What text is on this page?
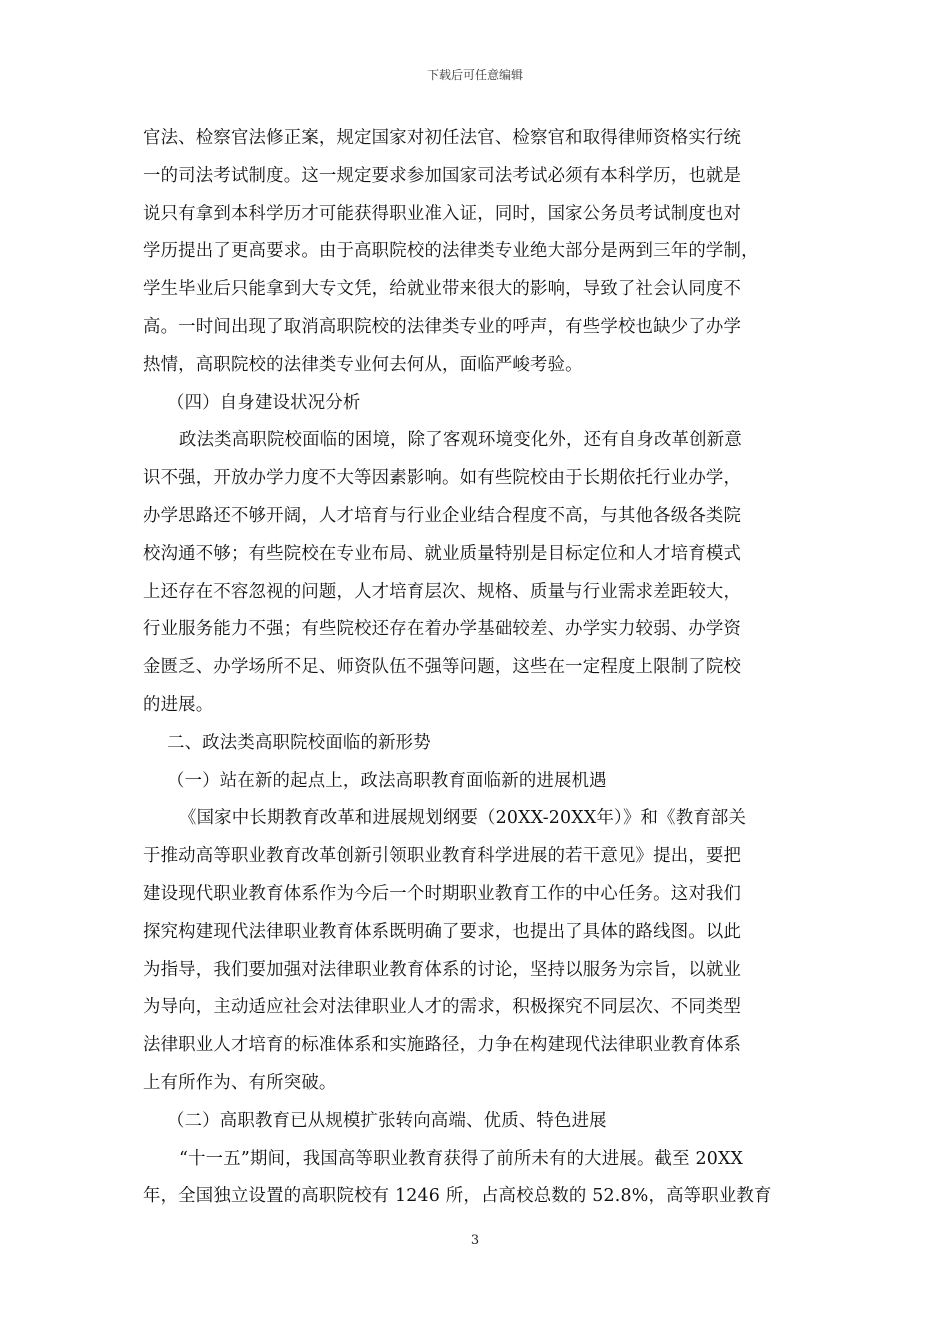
下载后可任意编辑
官法、检察官法修正案，规定国家对初任法官、检察官和取得律师资格实行统
一的司法考试制度。这一规定要求参加国家司法考试必须有本科学历，也就是
说只有拿到本科学历才可能获得职业准入证，同时，国家公务员考试制度也对
学历提出了更高要求。由于高职院校的法律类专业绝大部分是两到三年的学制，
学生毕业后只能拿到大专文凭，给就业带来很大的影响，导致了社会认同度不
高。一时间出现了取消高职院校的法律类专业的呼声，有些学校也缺少了办学
热情，高职院校的法律类专业何去何从，面临严峻考验。
（四）自身建设状况分析
政法类高职院校面临的困境，除了客观环境变化外，还有自身改革创新意
识不强，开放办学力度不大等因素影响。如有些院校由于长期依托行业办学，
办学思路还不够开阔，人才培育与行业企业结合程度不高，与其他各级各类院
校沟通不够；有些院校在专业布局、就业质量特别是目标定位和人才培育模式
上还存在不容忽视的问题，人才培育层次、规格、质量与行业需求差距较大，
行业服务能力不强；有些院校还存在着办学基础较差、办学实力较弱、办学资
金匮乏、办学场所不足、师资队伍不强等问题，这些在一定程度上限制了院校
的进展。
二、政法类高职院校面临的新形势
（一）站在新的起点上，政法高职教育面临新的进展机遇
《国家中长期教育改革和进展规划纲要（20XX-20XX年）》和《教育部关
于推动高等职业教育改革创新引领职业教育科学进展的若干意见》提出，要把
建设现代职业教育体系作为今后一个时期职业教育工作的中心任务。这对我们
探究构建现代法律职业教育体系既明确了要求，也提出了具体的路线图。以此
为指导，我们要加强对法律职业教育体系的讨论，坚持以服务为宗旨，以就业
为导向，主动适应社会对法律职业人才的需求，积极探究不同层次、不同类型
法律职业人才培育的标准体系和实施路径，力争在构建现代法律职业教育体系
上有所作为、有所突破。
（二）高职教育已从规模扩张转向高端、优质、特色进展
“十一五”期间，我国高等职业教育获得了前所未有的大进展。截至 20XX
年，全国独立设置的高职院校有 1246 所，占高校总数的 52.8%，高等职业教育
3
